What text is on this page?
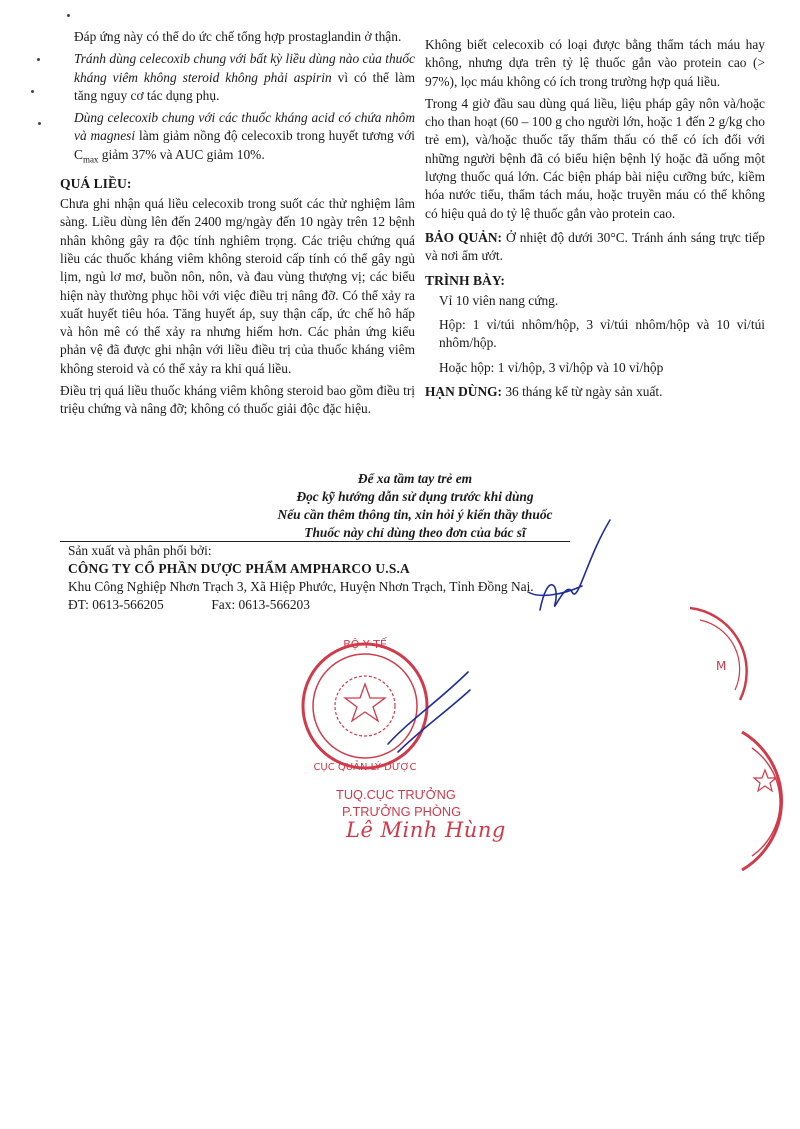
Đáp ứng này có thể do ức chế tổng hợp prostaglandin ở thận.

Tránh dùng celecoxib chung với bất kỳ liều dùng nào của thuốc kháng viêm không steroid không phải aspirin vì có thể làm tăng nguy cơ tác dụng phụ.

Dùng celecoxib chung với các thuốc kháng acid có chứa nhôm và magnesi làm giảm nồng độ celecoxib trong huyết tương với $C_{max}$ giảm 37% và AUC giảm 10%.

QUÁ LIỀU:

Chưa ghi nhận quá liều celecoxib trong suốt các thử nghiệm lâm sàng. Liều dùng lên đến 2400 mg/ngày đến 10 ngày trên 12 bệnh nhân không gây ra độc tính nghiêm trọng. Các triệu chứng quá liều các thuốc kháng viêm không steroid cấp tính có thể gây ngủ lịm, ngủ lơ mơ, buồn nôn, nôn, và đau vùng thượng vị; các biểu hiện này thường phục hồi với việc điều trị nâng đỡ. Có thể xảy ra xuất huyết tiêu hóa. Tăng huyết áp, suy thận cấp, ức chế hô hấp và hôn mê có thể xảy ra nhưng hiếm hơn. Các phản ứng kiểu phản vệ đã được ghi nhận với liều điều trị của thuốc kháng viêm không steroid và có thể xảy ra khi quá liều.

Điều trị quá liều thuốc kháng viêm không steroid bao gồm điều trị triệu chứng và nâng đỡ; không có thuốc giải độc đặc hiệu.

Không biết celecoxib có loại được bằng thẩm tách máu hay không, nhưng dựa trên tỷ lệ thuốc gắn vào protein cao (> 97%), lọc máu không có ích trong trường hợp quá liều.

Trong 4 giờ đầu sau dùng quá liều, liệu pháp gây nôn và/hoặc cho than hoạt (60 – 100 g cho người lớn, hoặc 1 đến 2 g/kg cho trẻ em), và/hoặc thuốc tẩy thẩm thấu có thể có ích đối với những người bệnh đã có biểu hiện bệnh lý hoặc đã uống một lượng thuốc quá lớn. Các biện pháp bài niệu cưỡng bức, kiềm hóa nước tiểu, thẩm tách máu, hoặc truyền máu có thể không có hiệu quả do tỷ lệ thuốc gắn vào protein cao.

BẢO QUẢN: Ở nhiệt độ dưới 30°C. Tránh ánh sáng trực tiếp và nơi ẩm ướt.

TRÌNH BÀY:

Vỉ 10 viên nang cứng.

Hộp: 1 vỉ/túi nhôm/hộp, 3 vỉ/túi nhôm/hộp và 10 vỉ/túi nhôm/hộp.

Hoặc hộp: 1 vỉ/hộp, 3 vỉ/hộp và 10 vỉ/hộp

HẠN DÙNG: 36 tháng kể từ ngày sản xuất.

Để xa tầm tay trẻ em
Đọc kỹ hướng dẫn sử dụng trước khi dùng
Nếu cần thêm thông tin, xin hỏi ý kiến thầy thuốc
Thuốc này chỉ dùng theo đơn của bác sĩ
Sản xuất và phân phối bởi:
CÔNG TY CỔ PHẦN DƯỢC PHẨM AMPHARCO U.S.A
Khu Công Nghiệp Nhơn Trạch 3, Xã Hiệp Phước, Huyện Nhơn Trạch, Tỉnh Đồng Nai.
ĐT: 0613-566205	Fax: 0613-566203
BỘ Y TẾ
CỤC QUẢN LÝ DƯỢC
M
TUQ.CỤC TRƯỞNG
P.TRƯỞNG PHÒNG
Lê Minh Hùng
